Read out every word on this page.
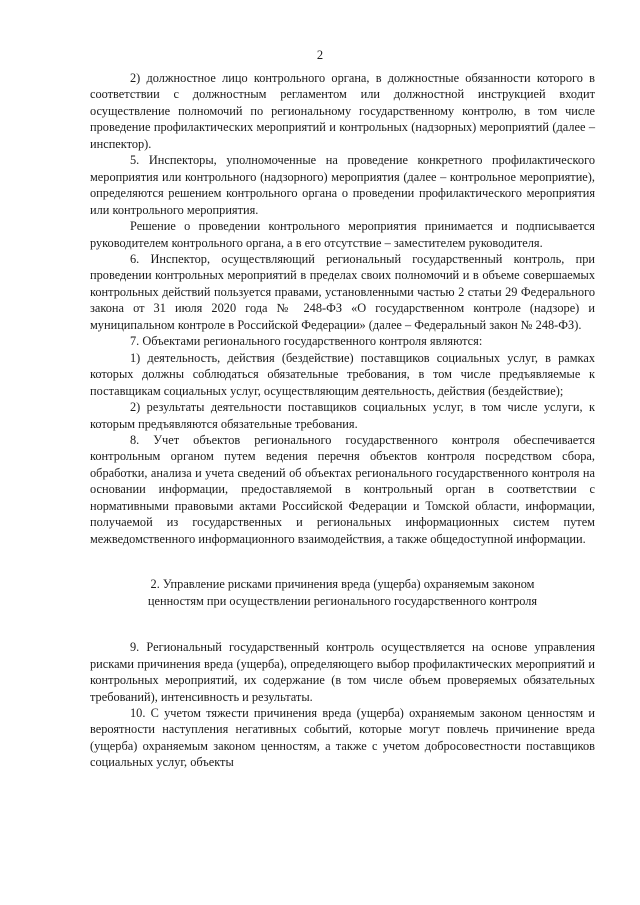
2

2) должностное лицо контрольного органа, в должностные обязанности которого в соответствии с должностным регламентом или должностной инструкцией входит осуществление полномочий по региональному государственному контролю, в том числе проведение профилактических мероприятий и контрольных (надзорных) мероприятий (далее – инспектор).

5. Инспекторы, уполномоченные на проведение конкретного профилактического мероприятия или контрольного (надзорного) мероприятия (далее – контрольное мероприятие), определяются решением контрольного органа о проведении профилактического мероприятия или контрольного мероприятия.

Решение о проведении контрольного мероприятия принимается и подписывается руководителем контрольного органа, а в его отсутствие – заместителем руководителя.

6. Инспектор, осуществляющий региональный государственный контроль, при проведении контрольных мероприятий в пределах своих полномочий и в объеме совершаемых контрольных действий пользуется правами, установленными частью 2 статьи 29 Федерального закона от 31 июля 2020 года № 248-ФЗ «О государственном контроле (надзоре) и муниципальном контроле в Российской Федерации» (далее – Федеральный закон № 248-ФЗ).

7. Объектами регионального государственного контроля являются:

1) деятельность, действия (бездействие) поставщиков социальных услуг, в рамках которых должны соблюдаться обязательные требования, в том числе предъявляемые к поставщикам социальных услуг, осуществляющим деятельность, действия (бездействие);

2) результаты деятельности поставщиков социальных услуг, в том числе услуги, к которым предъявляются обязательные требования.

8. Учет объектов регионального государственного контроля обеспечивается контрольным органом путем ведения перечня объектов контроля посредством сбора, обработки, анализа и учета сведений об объектах регионального государственного контроля на основании информации, предоставляемой в контрольный орган в соответствии с нормативными правовыми актами Российской Федерации и Томской области, информации, получаемой из государственных и региональных информационных систем путем межведомственного информационного взаимодействия, а также общедоступной информации.

2. Управление рисками причинения вреда (ущерба) охраняемым законом
ценностям при осуществлении регионального государственного контроля

9. Региональный государственный контроль осуществляется на основе управления рисками причинения вреда (ущерба), определяющего выбор профилактических мероприятий и контрольных мероприятий, их содержание (в том числе объем проверяемых обязательных требований), интенсивность и результаты.

10. С учетом тяжести причинения вреда (ущерба) охраняемым законом ценностям и вероятности наступления негативных событий, которые могут повлечь причинение вреда (ущерба) охраняемым законом ценностям, а также с учетом добросовестности поставщиков социальных услуг, объекты
